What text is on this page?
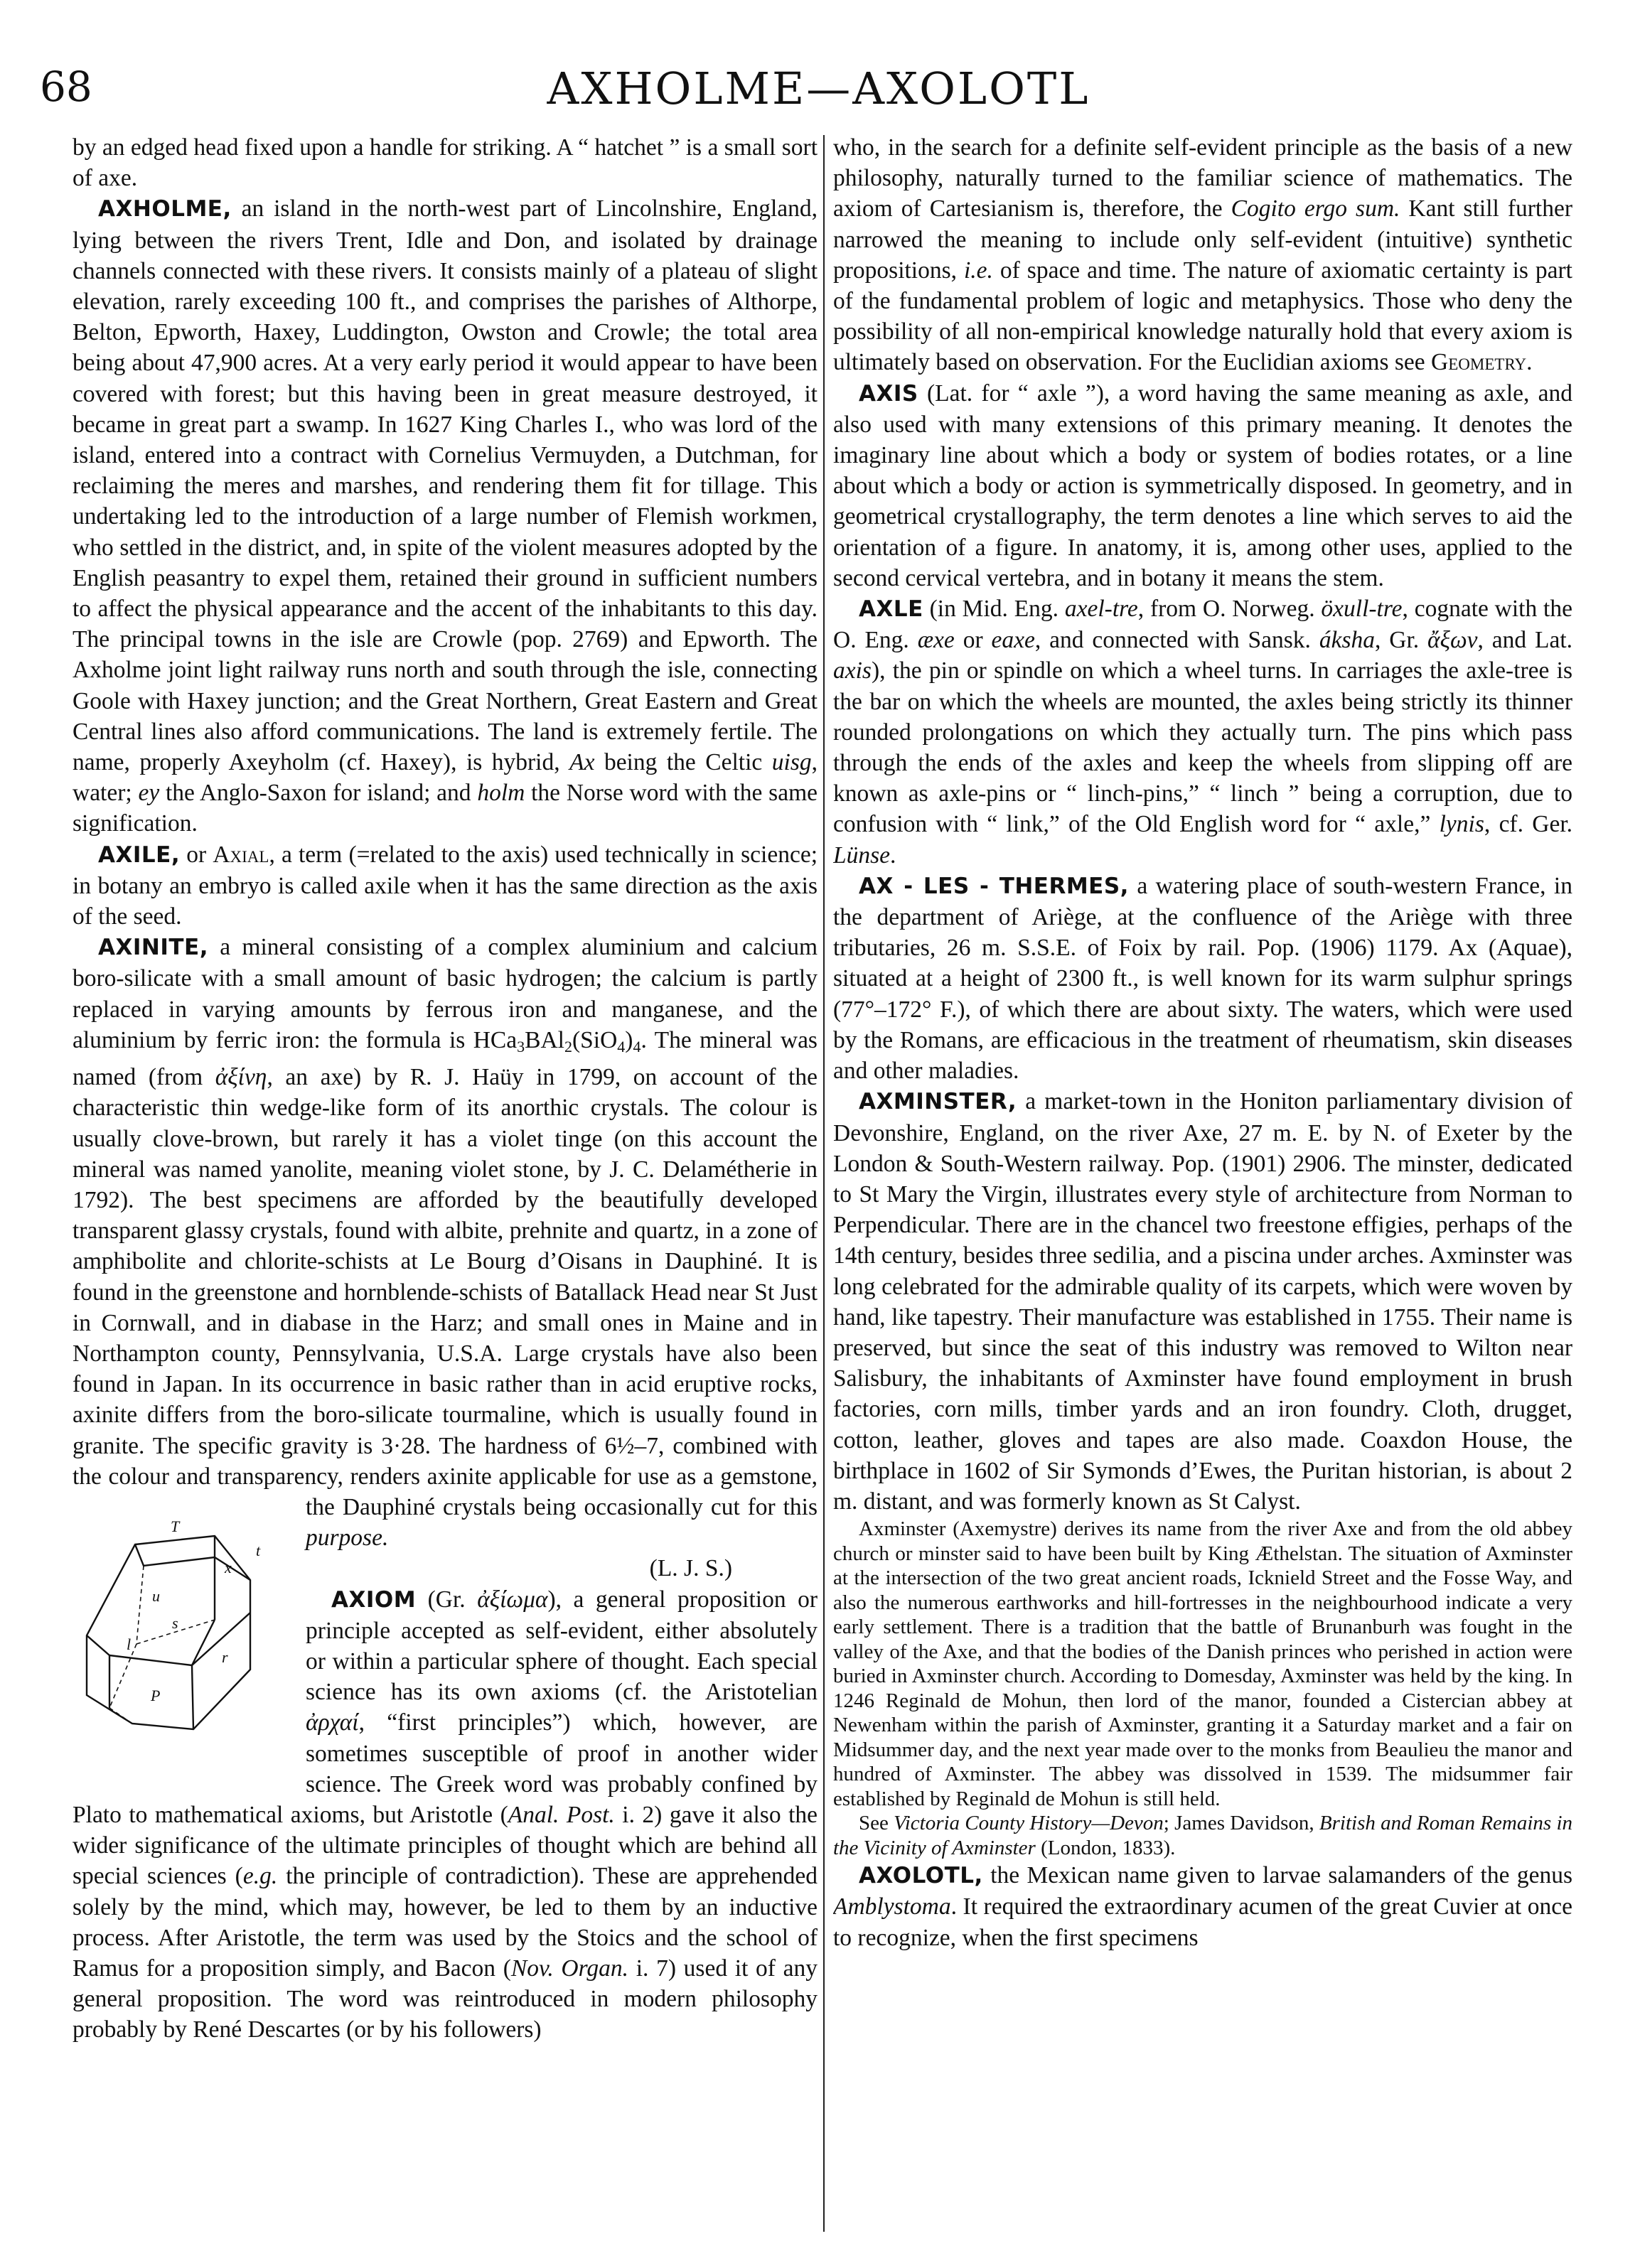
68	AXHOLME—AXOLOTL

by an edged head fixed upon a handle for striking. A “ hatchet ” is a small sort of axe.

AXHOLME, an island in the north-west part of Lincolnshire, England, lying between the rivers Trent, Idle and Don, and isolated by drainage channels connected with these rivers. It consists mainly of a plateau of slight elevation, rarely exceeding 100 ft., and comprises the parishes of Althorpe, Belton, Epworth, Haxey, Luddington, Owston and Crowle; the total area being about 47,900 acres. At a very early period it would appear to have been covered with forest; but this having been in great measure destroyed, it became in great part a swamp. In 1627 King Charles I., who was lord of the island, entered into a contract with Cornelius Vermuyden, a Dutchman, for reclaiming the meres and marshes, and rendering them fit for tillage. This undertaking led to the introduction of a large number of Flemish workmen, who settled in the district, and, in spite of the violent measures adopted by the English peasantry to expel them, retained their ground in sufficient numbers to affect the physical appearance and the accent of the inhabitants to this day. The principal towns in the isle are Crowle (pop. 2769) and Epworth. The Axholme joint light railway runs north and south through the isle, connecting Goole with Haxey junction; and the Great Northern, Great Eastern and Great Central lines also afford communications. The land is extremely fertile. The name, properly Axeyholm (cf. Haxey), is hybrid, Ax being the Celtic uisg, water; ey the Anglo-Saxon for island; and holm the Norse word with the same signification.

AXILE, or Axial, a term (=related to the axis) used technically in science; in botany an embryo is called axile when it has the same direction as the axis of the seed.

AXINITE, a mineral consisting of a complex aluminium and calcium boro-silicate with a small amount of basic hydrogen; the calcium is partly replaced in varying amounts by ferrous iron and manganese, and the aluminium by ferric iron: the formula is $HCa_3BAl_2(SiO_4)_4$. The mineral was named (from ἀξίνη, an axe) by R. J. Haüy in 1799, on account of the characteristic thin wedge-like form of its anorthic crystals. The colour is usually clove-brown, but rarely it has a violet tinge (on this account the mineral was named yanolite, meaning violet stone, by J. C. Delamétherie in 1792). The best specimens are afforded by the beautifully developed transparent glassy crystals, found with albite, prehnite and quartz, in a zone of amphibolite and chlorite-schists at Le Bourg d’Oisans in Dauphiné. It is found in the greenstone and hornblende-schists of Batallack Head near St Just in Cornwall, and in diabase in the Harz; and small ones in Maine and in Northampton county, Pennsylvania, U.S.A. Large crystals have also been found in Japan. In its occurrence in basic rather than in acid eruptive rocks, axinite differs from the boro-silicate tourmaline, which is usually found in granite. The specific gravity is 3·28. The hardness of 6½–7, combined with the colour and transparency, renders axinite applicable for use as a gemstone, the Dauphiné crystals being occasionally cut for this
T
t
x
u
s
l
r
P
purpose.
(L. J. S.)

AXIOM (Gr. ἀξίωμα), a general proposition or principle accepted as self-evident, either absolutely or within a particular sphere of thought. Each special science has its own axioms (cf. the Aristotelian ἀρχαί, “first principles”) which, however, are sometimes susceptible of proof in another wider science. The Greek word was probably confined by Plato to mathematical axioms, but Aristotle (Anal. Post. i. 2) gave it also the wider significance of the ultimate principles of thought which are behind all special sciences (e.g. the principle of contradiction). These are apprehended solely by the mind, which may, however, be led to them by an inductive process. After Aristotle, the term was used by the Stoics and the school of Ramus for a proposition simply, and Bacon (Nov. Organ. i. 7) used it of any general proposition. The word was reintroduced in modern philosophy probably by René Descartes (or by his followers)

who, in the search for a definite self-evident principle as the basis of a new philosophy, naturally turned to the familiar science of mathematics. The axiom of Cartesianism is, therefore, the Cogito ergo sum. Kant still further narrowed the meaning to include only self-evident (intuitive) synthetic propositions, i.e. of space and time. The nature of axiomatic certainty is part of the fundamental problem of logic and metaphysics. Those who deny the possibility of all non-empirical knowledge naturally hold that every axiom is ultimately based on observation. For the Euclidian axioms see Geometry.

AXIS (Lat. for “ axle ”), a word having the same meaning as axle, and also used with many extensions of this primary meaning. It denotes the imaginary line about which a body or system of bodies rotates, or a line about which a body or action is symmetrically disposed. In geometry, and in geometrical crystallography, the term denotes a line which serves to aid the orientation of a figure. In anatomy, it is, among other uses, applied to the second cervical vertebra, and in botany it means the stem.

AXLE (in Mid. Eng. axel-tre, from O. Norweg. öxull-tre, cognate with the O. Eng. æxe or eaxe, and connected with Sansk. áksha, Gr. ἄξων, and Lat. axis), the pin or spindle on which a wheel turns. In carriages the axle-tree is the bar on which the wheels are mounted, the axles being strictly its thinner rounded prolongations on which they actually turn. The pins which pass through the ends of the axles and keep the wheels from slipping off are known as axle-pins or “ linch-pins,” “ linch ” being a corruption, due to confusion with “ link,” of the Old English word for “ axle,” lynis, cf. Ger. Lünse.

AX - LES - THERMES, a watering place of south-western France, in the department of Ariège, at the confluence of the Ariège with three tributaries, 26 m. S.S.E. of Foix by rail. Pop. (1906) 1179. Ax (Aquae), situated at a height of 2300 ft., is well known for its warm sulphur springs (77°–172° F.), of which there are about sixty. The waters, which were used by the Romans, are efficacious in the treatment of rheumatism, skin diseases and other maladies.

AXMINSTER, a market-town in the Honiton parliamentary division of Devonshire, England, on the river Axe, 27 m. E. by N. of Exeter by the London & South-Western railway. Pop. (1901) 2906. The minster, dedicated to St Mary the Virgin, illustrates every style of architecture from Norman to Perpendicular. There are in the chancel two freestone effigies, perhaps of the 14th century, besides three sedilia, and a piscina under arches. Axminster was long celebrated for the admirable quality of its carpets, which were woven by hand, like tapestry. Their manufacture was established in 1755. Their name is preserved, but since the seat of this industry was removed to Wilton near Salisbury, the inhabitants of Axminster have found employment in brush factories, corn mills, timber yards and an iron foundry. Cloth, drugget, cotton, leather, gloves and tapes are also made. Coaxdon House, the birthplace in 1602 of Sir Symonds d’Ewes, the Puritan historian, is about 2 m. distant, and was formerly known as St Calyst.

Axminster (Axemystre) derives its name from the river Axe and from the old abbey church or minster said to have been built by King Æthelstan. The situation of Axminster at the intersection of the two great ancient roads, Icknield Street and the Fosse Way, and also the numerous earthworks and hill-fortresses in the neighbourhood indicate a very early settlement. There is a tradition that the battle of Brunanburh was fought in the valley of the Axe, and that the bodies of the Danish princes who perished in action were buried in Axminster church. According to Domesday, Axminster was held by the king. In 1246 Reginald de Mohun, then lord of the manor, founded a Cistercian abbey at Newenham within the parish of Axminster, granting it a Saturday market and a fair on Midsummer day, and the next year made over to the monks from Beaulieu the manor and hundred of Axminster. The abbey was dissolved in 1539. The midsummer fair established by Reginald de Mohun is still held.

See Victoria County History—Devon; James Davidson, British and Roman Remains in the Vicinity of Axminster (London, 1833).

AXOLOTL, the Mexican name given to larvae salamanders of the genus Amblystoma. It required the extraordinary acumen of the great Cuvier at once to recognize, when the first specimens
